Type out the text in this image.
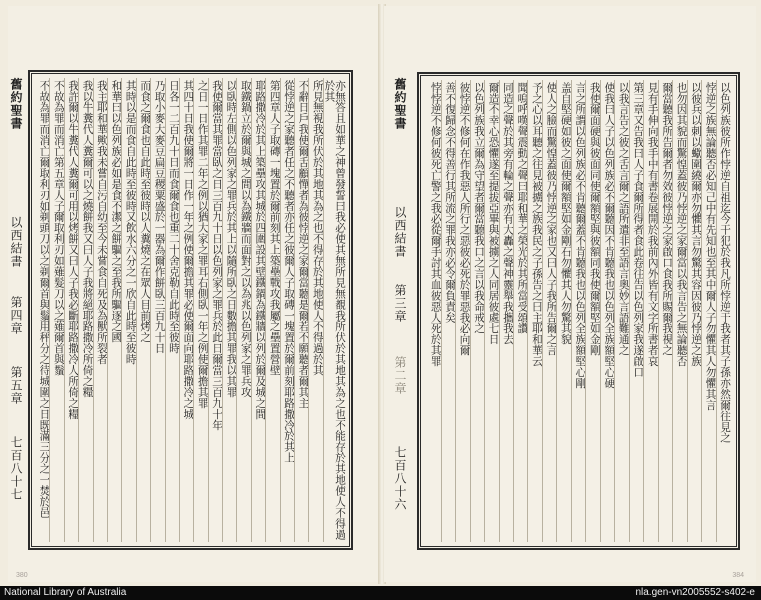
舊約聖書
以西結書
第四章
第五章
七百八十七	亦無答且如華之神曾發誓曰我必使其無所見無覩我所伏於其地其為之也不能存於其地使人不得過於其
所見無視我所伏於其地其為之也不得存於其地使人不得過於其
不辭日戶我使爾舌顧憚者為彼悖逆之家爾當聽是爾若不願聽者爾其主
從悖逆之家聽者任之不聽者亦任之彼爾人子取磚一塊置於爾前刻耶路撒冷於其上
第四章人子取磚一塊置於爾前刻其上築壘戰攻我屬之壘置營壁
耶路撒冷於其上築壘攻其城於四圍設其壁鐵鍋為鐵牆以列於爾及城之間
取鐵鍋立於爾與城之間以為鐵牆而面對之以為兆以色列家之罪兵攻
以臥時左側以色列家之罪兵於其上以隨所臥之日數擔其罪我以其罪
我使爾當其罪當臥之日三百九十日以色列家之罪兵於此日爾當三百九十年
之日一日作其罪二年之例以猶大家之罪耳右側臥一年之例使爾擔其罪
其四十日我使爾將一日作一年之例使爾擔其罪必使爾面向耶路撒冷之城
日各一二百九十日而食爾食也重二十舍克勒自此時至彼時
乃取小麥大麥豆扁豆稷粟盛於一器為爾作餅臥三百九十日
而食之爾食也自此時至彼時以人糞燒之在眾人目前烤之
其時以是而食自此時至彼時又飲水六分之一欣自此時至彼時
和華曰以色列族必如是食不潔之餅驅之至我所驅逐之國
我主耶和華歟我未嘗自污自幼至今未嘗食自死及為獸所裂者
我以牛糞代人糞爾可以之燒餅我又曰人子我將絕耶路撒冷所倚之糧
我許爾以牛糞代人糞爾可用以烤餅又曰人子我必斷耶路撒冷人所倚之糧
不故為罪而消亡第五章人子爾取利刃如薙髮刀以之薙爾首與鬚
不故為罪而消亡爾取利刃如剃頭刀以之剃爾首與鬚用秤分之待城圍之日既滿三分之一焚於邑
380
舊約聖書
以西結書
第三章
第二章
七百八十六
以色列族彼所作悖逆自祖迄今干犯於我凡所悖逆于我者其子孫亦然爾往見之
悖逆之族無論聽否必知己中有先知也至其中爾人子勿懼其人勿懼其言
以彼兵以刺以蠍圍繞爾亦勿懼其言勿驚其容因彼乃悖逆之族
也勿因其貌而驚惶蓋彼乃悖逆之家爾當以我言告之無論聽否
爾當聽我所告爾者勿效彼悖逆之家啟口食我所賜爾我視之
見有手伸向我手中有書卷展開於我前內外皆有文字所書者哀
第三章又告我曰人子食爾所得者食此卷往告以色列家我遂啟口
以我言告之彼之舌言爾之語所遣非至語言奧妙言語難通之
使我曰人子以色列族必不爾聽因不肯聽我也以色列全族額堅心硬
我使爾面硬與彼面同使爾額堅與彼額同我使爾額堅如金剛
言之所謂以色列族必不肯聽爾蓋不肯聽我也以色列全族額堅心剛
盖自堅硬如彼之面使爾額堅如金剛石勿懼其人勿驚其貌
使人之臉而驚惶蓋彼乃悖逆之家也又曰人子我所告爾之言
予之心以耳聽之往見被擄之族我民之子孫告之曰主耶和華云
聞嗚呼嘆聲震動之聲曰耶和華之榮光於其所當受頌讚
同造之聲於其旁有輪之聲亦有大轟之聲神靈舉我攜我去
爾造不幸心恐懼遂至提拔亞畢與被擄之人同居彼處七日
以色列族我立爾為守望者爾當聽我口之言以我命戒之
彼悖逆不修何在作我惡人所行之惡彼必死於罪惡我必向爾
善不復歸念不得善行其所流之罪我亦必令爾負責矣
悖悖逆不修何彼死亡警之我必從爾手討其血彼惡人死於其罪
384
National Library of Australia	nla.gen-vn2005552-s402-e
